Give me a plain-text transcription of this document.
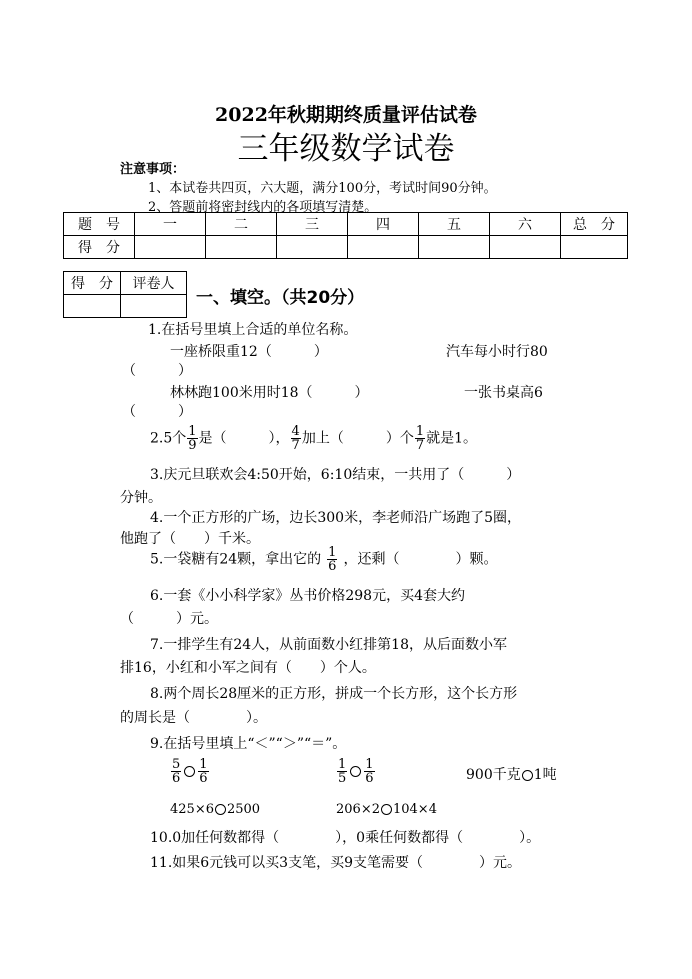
2022年秋期期终质量评估试卷
三年级数学试卷
注意事项：
1、本试卷共四页，六大题，满分100分，考试时间90分钟。
2、答题前将密封线内的各项填写清楚。
题　号	一	二	三	四	五	六	总　分
得　分							
得　分	评卷人

一、填空。（共20分）
1.在括号里填上合适的单位名称。
一座桥限重12（　　　）	汽车每小时行80
（　　　）
林林跑100米用时18（　　　）	一张书桌高6
（　　　）
2.5个 $\frac{1}{9}$ 是（　　　）， $\frac{4}{7}$ 加上（　　　）个 $\frac{1}{7}$ 就是1。
3.庆元旦联欢会4:50开始，6:10结束，一共用了（　　　）
分钟。
4.一个正方形的广场，边长300米，李老师沿广场跑了5圈，
他跑了（　　）千米。
5.一袋糖有24颗，拿出它的 $\frac{1}{6}$ ，还剩（　　　　）颗。
6.一套《小小科学家》丛书价格298元，买4套大约
（　　　）元。
7.一排学生有24人，从前面数小红排第18，从后面数小军
排16，小红和小军之间有（　　）个人。
8.两个周长28厘米的正方形，拼成一个长方形，这个长方形
的周长是（　　　　）。
9.在括号里填上“＜”“＞”“＝”。
$\frac{5}{6} \frac{1}{6}$	$\frac{1}{5} \frac{1}{6}$	900千克 1吨
425×6 2500	206×2 104×4
10.0加任何数都得（　　　　），0乘任何数都得（　　　　）。
11.如果6元钱可以买3支笔，买9支笔需要（　　　　）元。
